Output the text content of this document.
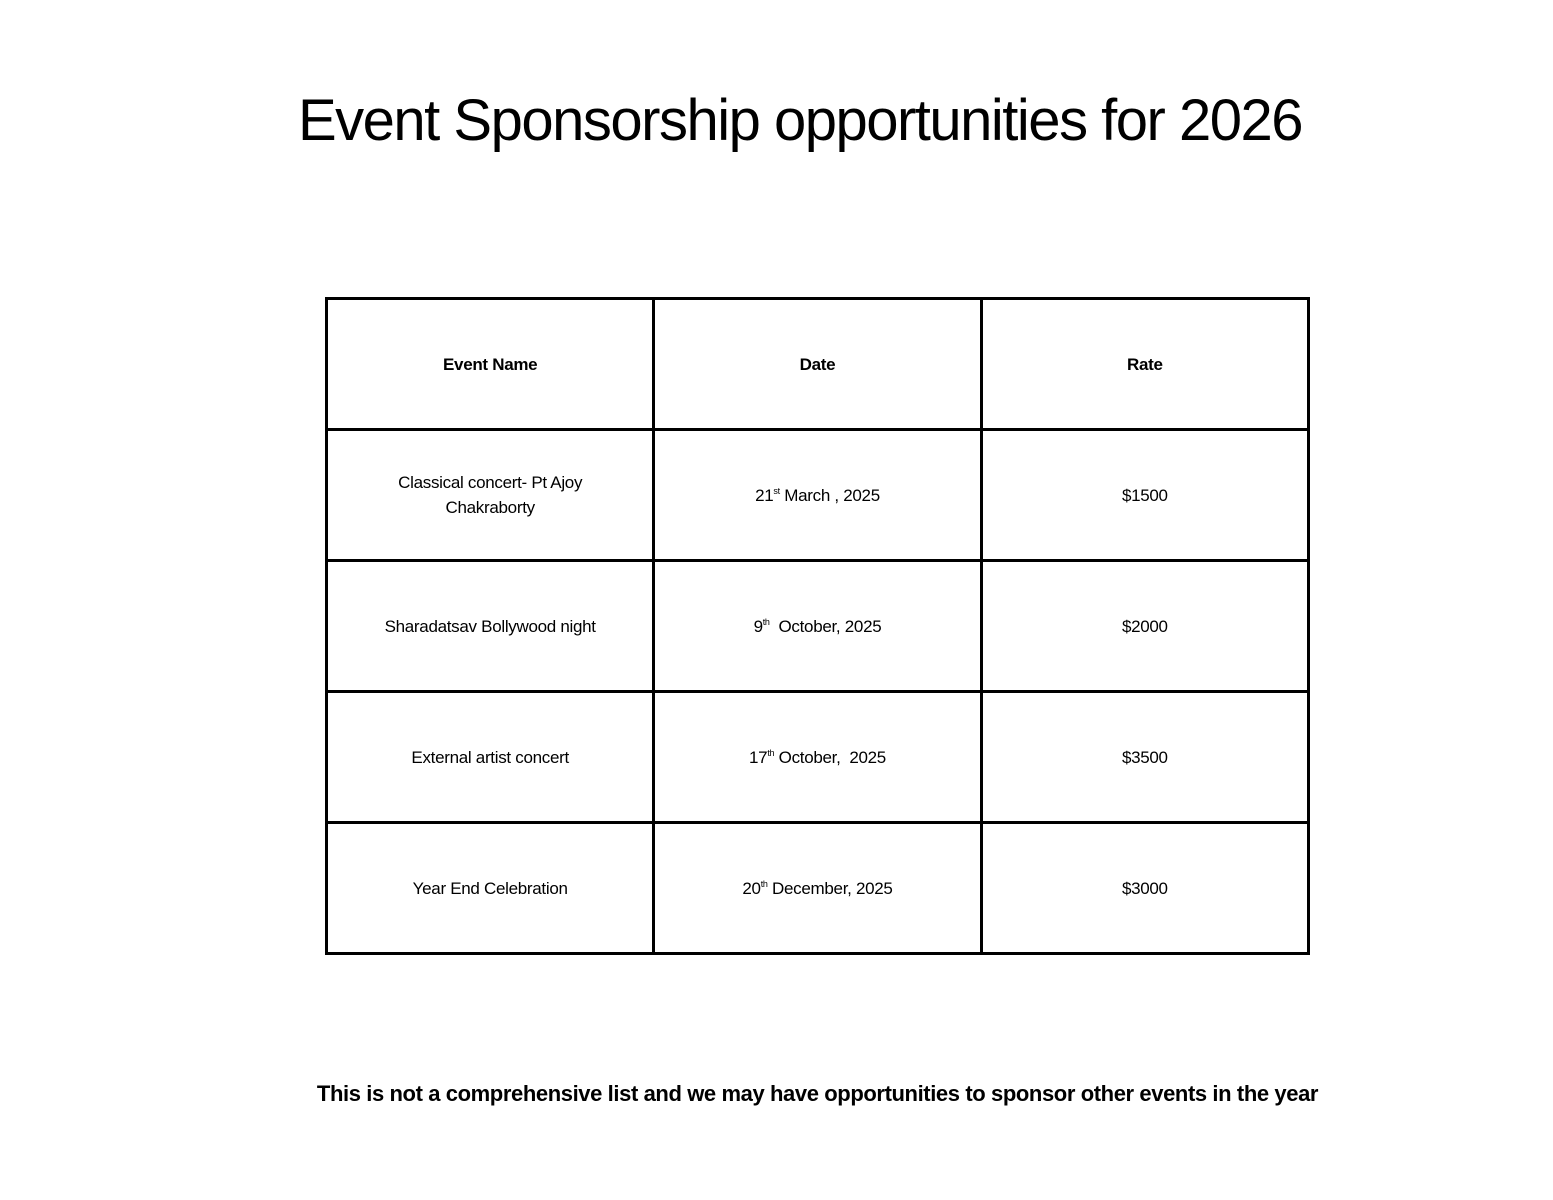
Event Sponsorship opportunities for 2026
Event Name	Date	Rate
Classical concert- Pt Ajoy Chakraborty	21st March , 2025	$1500
Sharadatsav Bollywood night	9th  October, 2025	$2000
External artist concert	17th October,  2025	$3500
Year End Celebration	20th December, 2025	$3000
This is not a comprehensive list and we may have opportunities to sponsor other events in the year
